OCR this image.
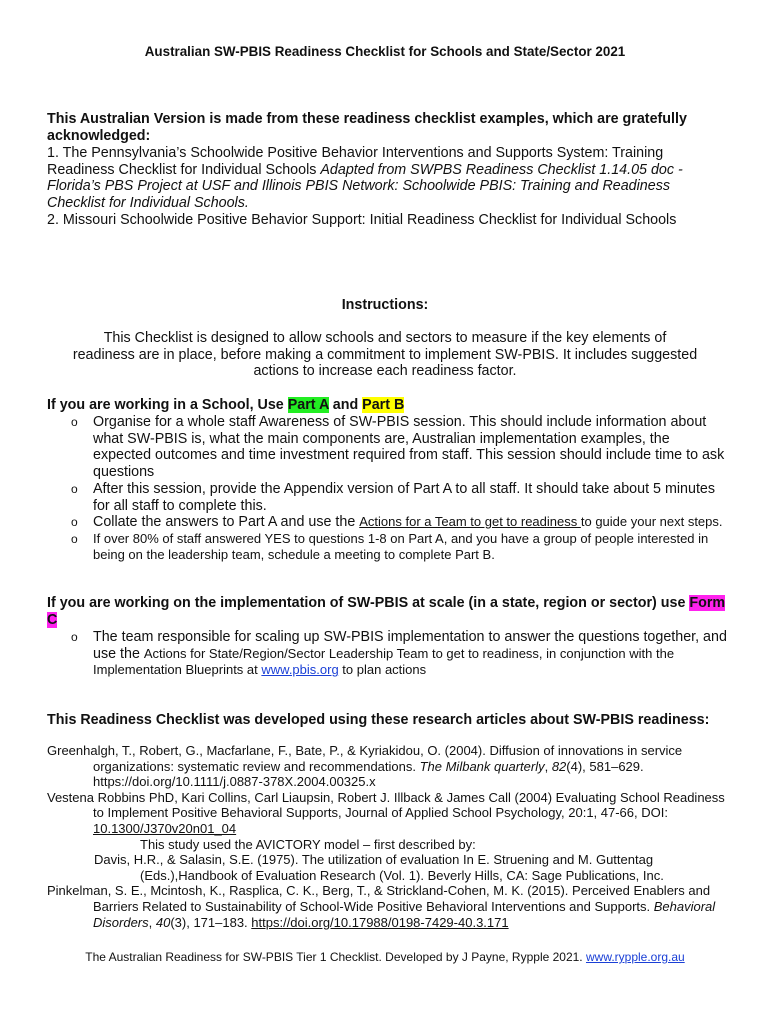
Australian SW-PBIS Readiness Checklist for Schools and State/Sector 2021
This Australian Version is made from these readiness checklist examples, which are gratefully acknowledged:
1. The Pennsylvania’s Schoolwide Positive Behavior Interventions and Supports System: Training Readiness Checklist for Individual Schools Adapted from SWPBS Readiness Checklist 1.14.05 doc - Florida’s PBS Project at USF and Illinois PBIS Network: Schoolwide PBIS: Training and Readiness Checklist for Individual Schools.
2. Missouri Schoolwide Positive Behavior Support: Initial Readiness Checklist for Individual Schools
Instructions:
This Checklist is designed to allow schools and sectors to measure if the key elements of readiness are in place, before making a commitment to implement SW-PBIS. It includes suggested actions to increase each readiness factor.
If you are working in a School, Use Part A and Part B
o Organise for a whole staff Awareness of SW-PBIS session. This should include information about what SW-PBIS is, what the main components are, Australian implementation examples, the expected outcomes and time investment required from staff. This session should include time to ask questions
o After this session, provide the Appendix version of Part A to all staff. It should take about 5 minutes for all staff to complete this.
o Collate the answers to Part A and use the Actions for a Team to get to readiness to guide your next steps.
o If over 80% of staff answered YES to questions 1-8 on Part A, and you have a group of people interested in being on the leadership team, schedule a meeting to complete Part B.
If you are working on the implementation of SW-PBIS at scale (in a state, region or sector) use Form C
o The team responsible for scaling up SW-PBIS implementation to answer the questions together, and use the Actions for State/Region/Sector Leadership Team to get to readiness, in conjunction with the Implementation Blueprints at www.pbis.org to plan actions
This Readiness Checklist was developed using these research articles about SW-PBIS readiness:
Greenhalgh, T., Robert, G., Macfarlane, F., Bate, P., & Kyriakidou, O. (2004). Diffusion of innovations in service organizations: systematic review and recommendations. The Milbank quarterly, 82(4), 581–629. https://doi.org/10.1111/j.0887-378X.2004.00325.x
Vestena Robbins PhD, Kari Collins, Carl Liaupsin, Robert J. Illback & James Call (2004) Evaluating School Readiness to Implement Positive Behavioral Supports, Journal of Applied School Psychology, 20:1, 47-66, DOI: 10.1300/J370v20n01_04
This study used the AVICTORY model – first described by:
Davis, H.R., & Salasin, S.E. (1975). The utilization of evaluation In E. Struening and M. Guttentag (Eds.),Handbook of Evaluation Research (Vol. 1). Beverly Hills, CA: Sage Publications, Inc.
Pinkelman, S. E., Mcintosh, K., Rasplica, C. K., Berg, T., & Strickland-Cohen, M. K. (2015). Perceived Enablers and Barriers Related to Sustainability of School-Wide Positive Behavioral Interventions and Supports. Behavioral Disorders, 40(3), 171–183. https://doi.org/10.17988/0198-7429-40.3.171
The Australian Readiness for SW-PBIS Tier 1 Checklist. Developed by J Payne, Rypple 2021. www.rypple.org.au
